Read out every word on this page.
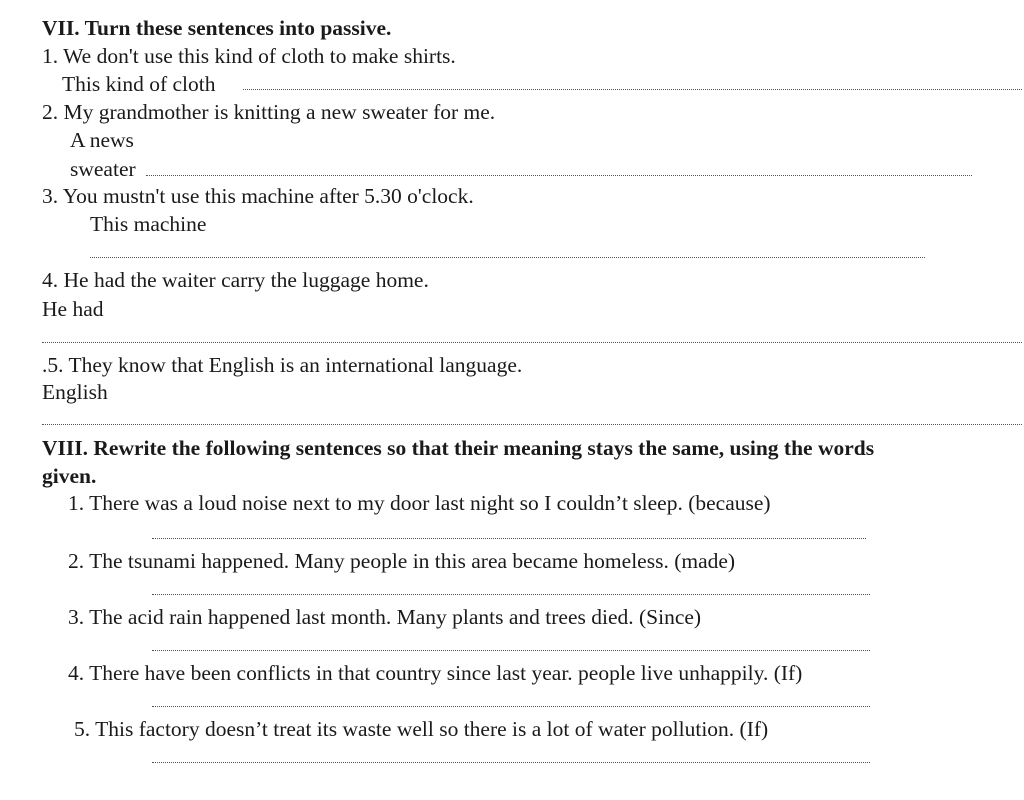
VII. Turn these sentences into passive.
1. We don't use this kind of cloth to make shirts.
This kind of cloth
2. My grandmother is knitting a new sweater for me.
A news
sweater
3. You mustn't use this machine after 5.30 o'clock.
This machine
4. He had the waiter carry the luggage home.
He had
.5. They know that English is an international language.
English
VIII. Rewrite the following sentences so that their meaning stays the same, using the words
given.
1. There was a loud noise next to my door last night so I couldn’t sleep. (because)
2. The tsunami happened. Many people in this area became homeless. (made)
3. The acid rain happened last month. Many plants and trees died. (Since)
4. There have been conflicts in that country since last year. people live unhappily. (If)
5. This factory doesn’t treat its waste well so there is a lot of water pollution. (If)
